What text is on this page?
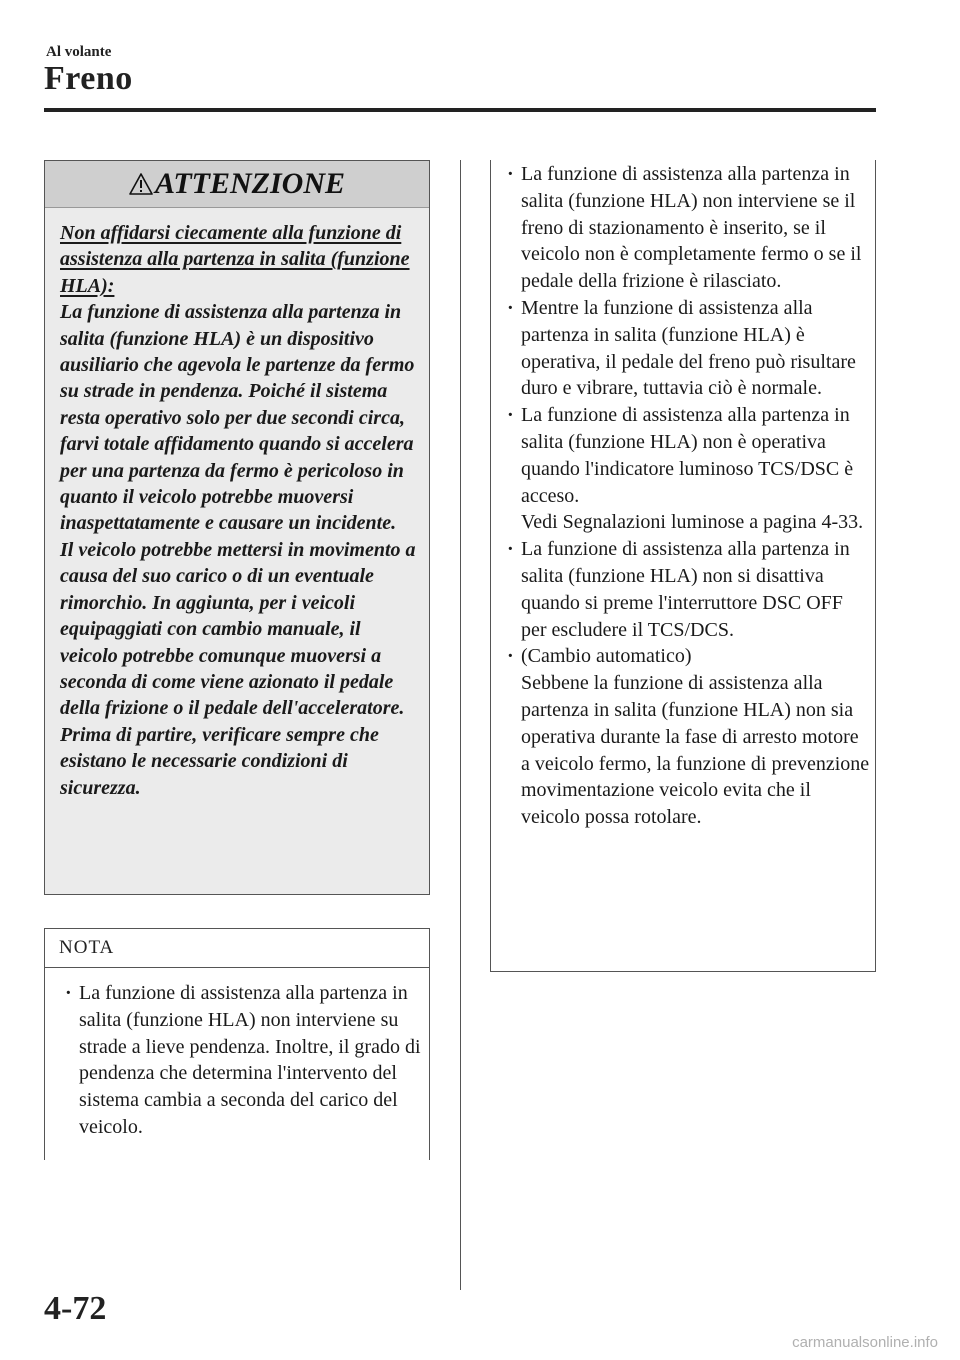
Al volante
Freno
ATTENZIONE

Non affidarsi ciecamente alla funzione di assistenza alla partenza in salita (funzione HLA):

La funzione di assistenza alla partenza in salita (funzione HLA) è un dispositivo ausiliario che agevola le partenze da fermo su strade in pendenza. Poiché il sistema resta operativo solo per due secondi circa, farvi totale affidamento quando si accelera per una partenza da fermo è pericoloso in quanto il veicolo potrebbe muoversi inaspettatamente e causare un incidente.

Il veicolo potrebbe mettersi in movimento a causa del suo carico o di un eventuale rimorchio. In aggiunta, per i veicoli equipaggiati con cambio manuale, il veicolo potrebbe comunque muoversi a seconda di come viene azionato il pedale della frizione o il pedale dell'acceleratore. Prima di partire, verificare sempre che esistano le necessarie condizioni di sicurezza.

NOTA
· La funzione di assistenza alla partenza in salita (funzione HLA) non interviene su strade a lieve pendenza. Inoltre, il grado di pendenza che determina l'intervento del sistema cambia a seconda del carico del veicolo.
· La funzione di assistenza alla partenza in salita (funzione HLA) non interviene se il freno di stazionamento è inserito, se il veicolo non è completamente fermo o se il pedale della frizione è rilasciato.
· Mentre la funzione di assistenza alla partenza in salita (funzione HLA) è operativa, il pedale del freno può risultare duro e vibrare, tuttavia ciò è normale.
· La funzione di assistenza alla partenza in salita (funzione HLA) non è operativa quando l'indicatore luminoso TCS/DSC è acceso.
Vedi Segnalazioni luminose a pagina 4-33.
· La funzione di assistenza alla partenza in salita (funzione HLA) non si disattiva quando si preme l'interruttore DSC OFF per escludere il TCS/DCS.
· (Cambio automatico)
Sebbene la funzione di assistenza alla partenza in salita (funzione HLA) non sia operativa durante la fase di arresto motore a veicolo fermo, la funzione di prevenzione movimentazione veicolo evita che il veicolo possa rotolare.
4-72
carmanualsonline.info
